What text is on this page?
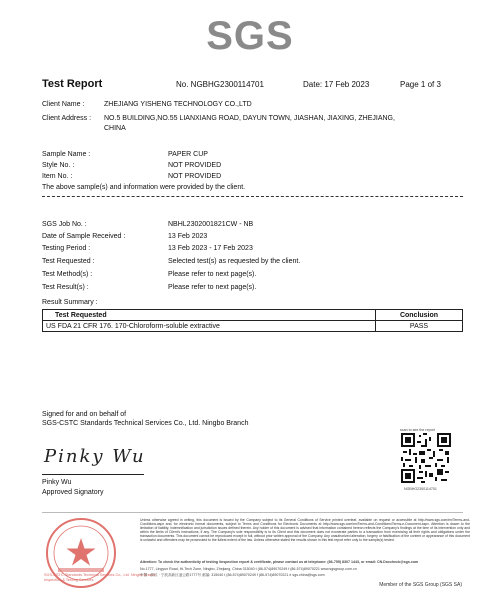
SGS
Test Report	No. NGBHG2300114701	Date: 17 Feb 2023	Page 1 of 3
Client Name :	ZHEJIANG YISHENG TECHNOLOGY CO.,LTD
Client Address : NO.5 BUILDING,NO.55 LIANXIANG ROAD, DAYUN TOWN, JIASHAN, JIAXING, ZHEJIANG,
CHINA
Sample Name :	PAPER CUP
Style No. :	NOT PROVIDED
Item No. :	NOT PROVIDED
The above sample(s) and information were provided by the client.
SGS Job No. :	NBHL2302001821CW - NB
Date of Sample Received :	13 Feb 2023
Testing Period :	13 Feb 2023 - 17 Feb 2023
Test Requested :	Selected test(s) as requested by the client.
Test Method(s) :	Please refer to next page(s).
Test Result(s) :	Please refer to next page(s).
Result Summary :
Test Requested	Conclusion
US FDA 21 CFR 176. 170-Chloroform-soluble extractive	PASS
Signed for and on behalf of
SGS-CSTC Standards Technical Services Co., Ltd. Ningbo Branch
Pinky Wu
Pinky Wu
Approved Signatory
scan to see the report
NGBHG2300114701
SGS-CSTC Standards Technical Services Co., Ltd. Ningbo Branch
Inspection & Testing Services
Unless otherwise agreed in writing, this document is issued by the Company subject to its General Conditions of Service printed overleaf, available on request or accessible at http://www.sgs.com/en/Terms-and-Conditions.aspx and, for electronic format documents, subject to Terms and Conditions for Electronic Documents at http://www.sgs.com/en/Terms-and-Conditions/Terms-e-Document.aspx. Attention is drawn to the limitation of liability, indemnification and jurisdiction issues defined therein. Any holder of this document is advised that information contained hereon reflects the Company's findings at the time of its intervention only and within the limits of Client's instructions, if any. The Company's sole responsibility is to its Client and this document does not exonerate parties to a transaction from exercising all their rights and obligations under the transaction documents. This document cannot be reproduced except in full, without prior written approval of the Company. Any unauthorized alteration, forgery or falsification of the content or appearance of this document is unlawful and offenders may be prosecuted to the fullest extent of the law. Unless otherwise stated the results shown in this test report refer only to the sample(s) tested.
Attention: To check the authenticity of testing /inspection report & certificate, please contact us at telephone: (86-755) 8307 1443, or email: CN.Doccheck@sgs.com
No.1777, Lingyun Road, Hi-Tech Zone, Ningbo, Zhejiang, China 315040 t (86-574)89070249 f (86-574)89070221 www.sgsgroup.com.cn
中国 · 浙江 · 宁波高新区凌云路1777号 邮编: 315040 t (86-574)89070249 f (86-574)89070221 e sgs.china@sgs.com
Member of the SGS Group (SGS SA)
